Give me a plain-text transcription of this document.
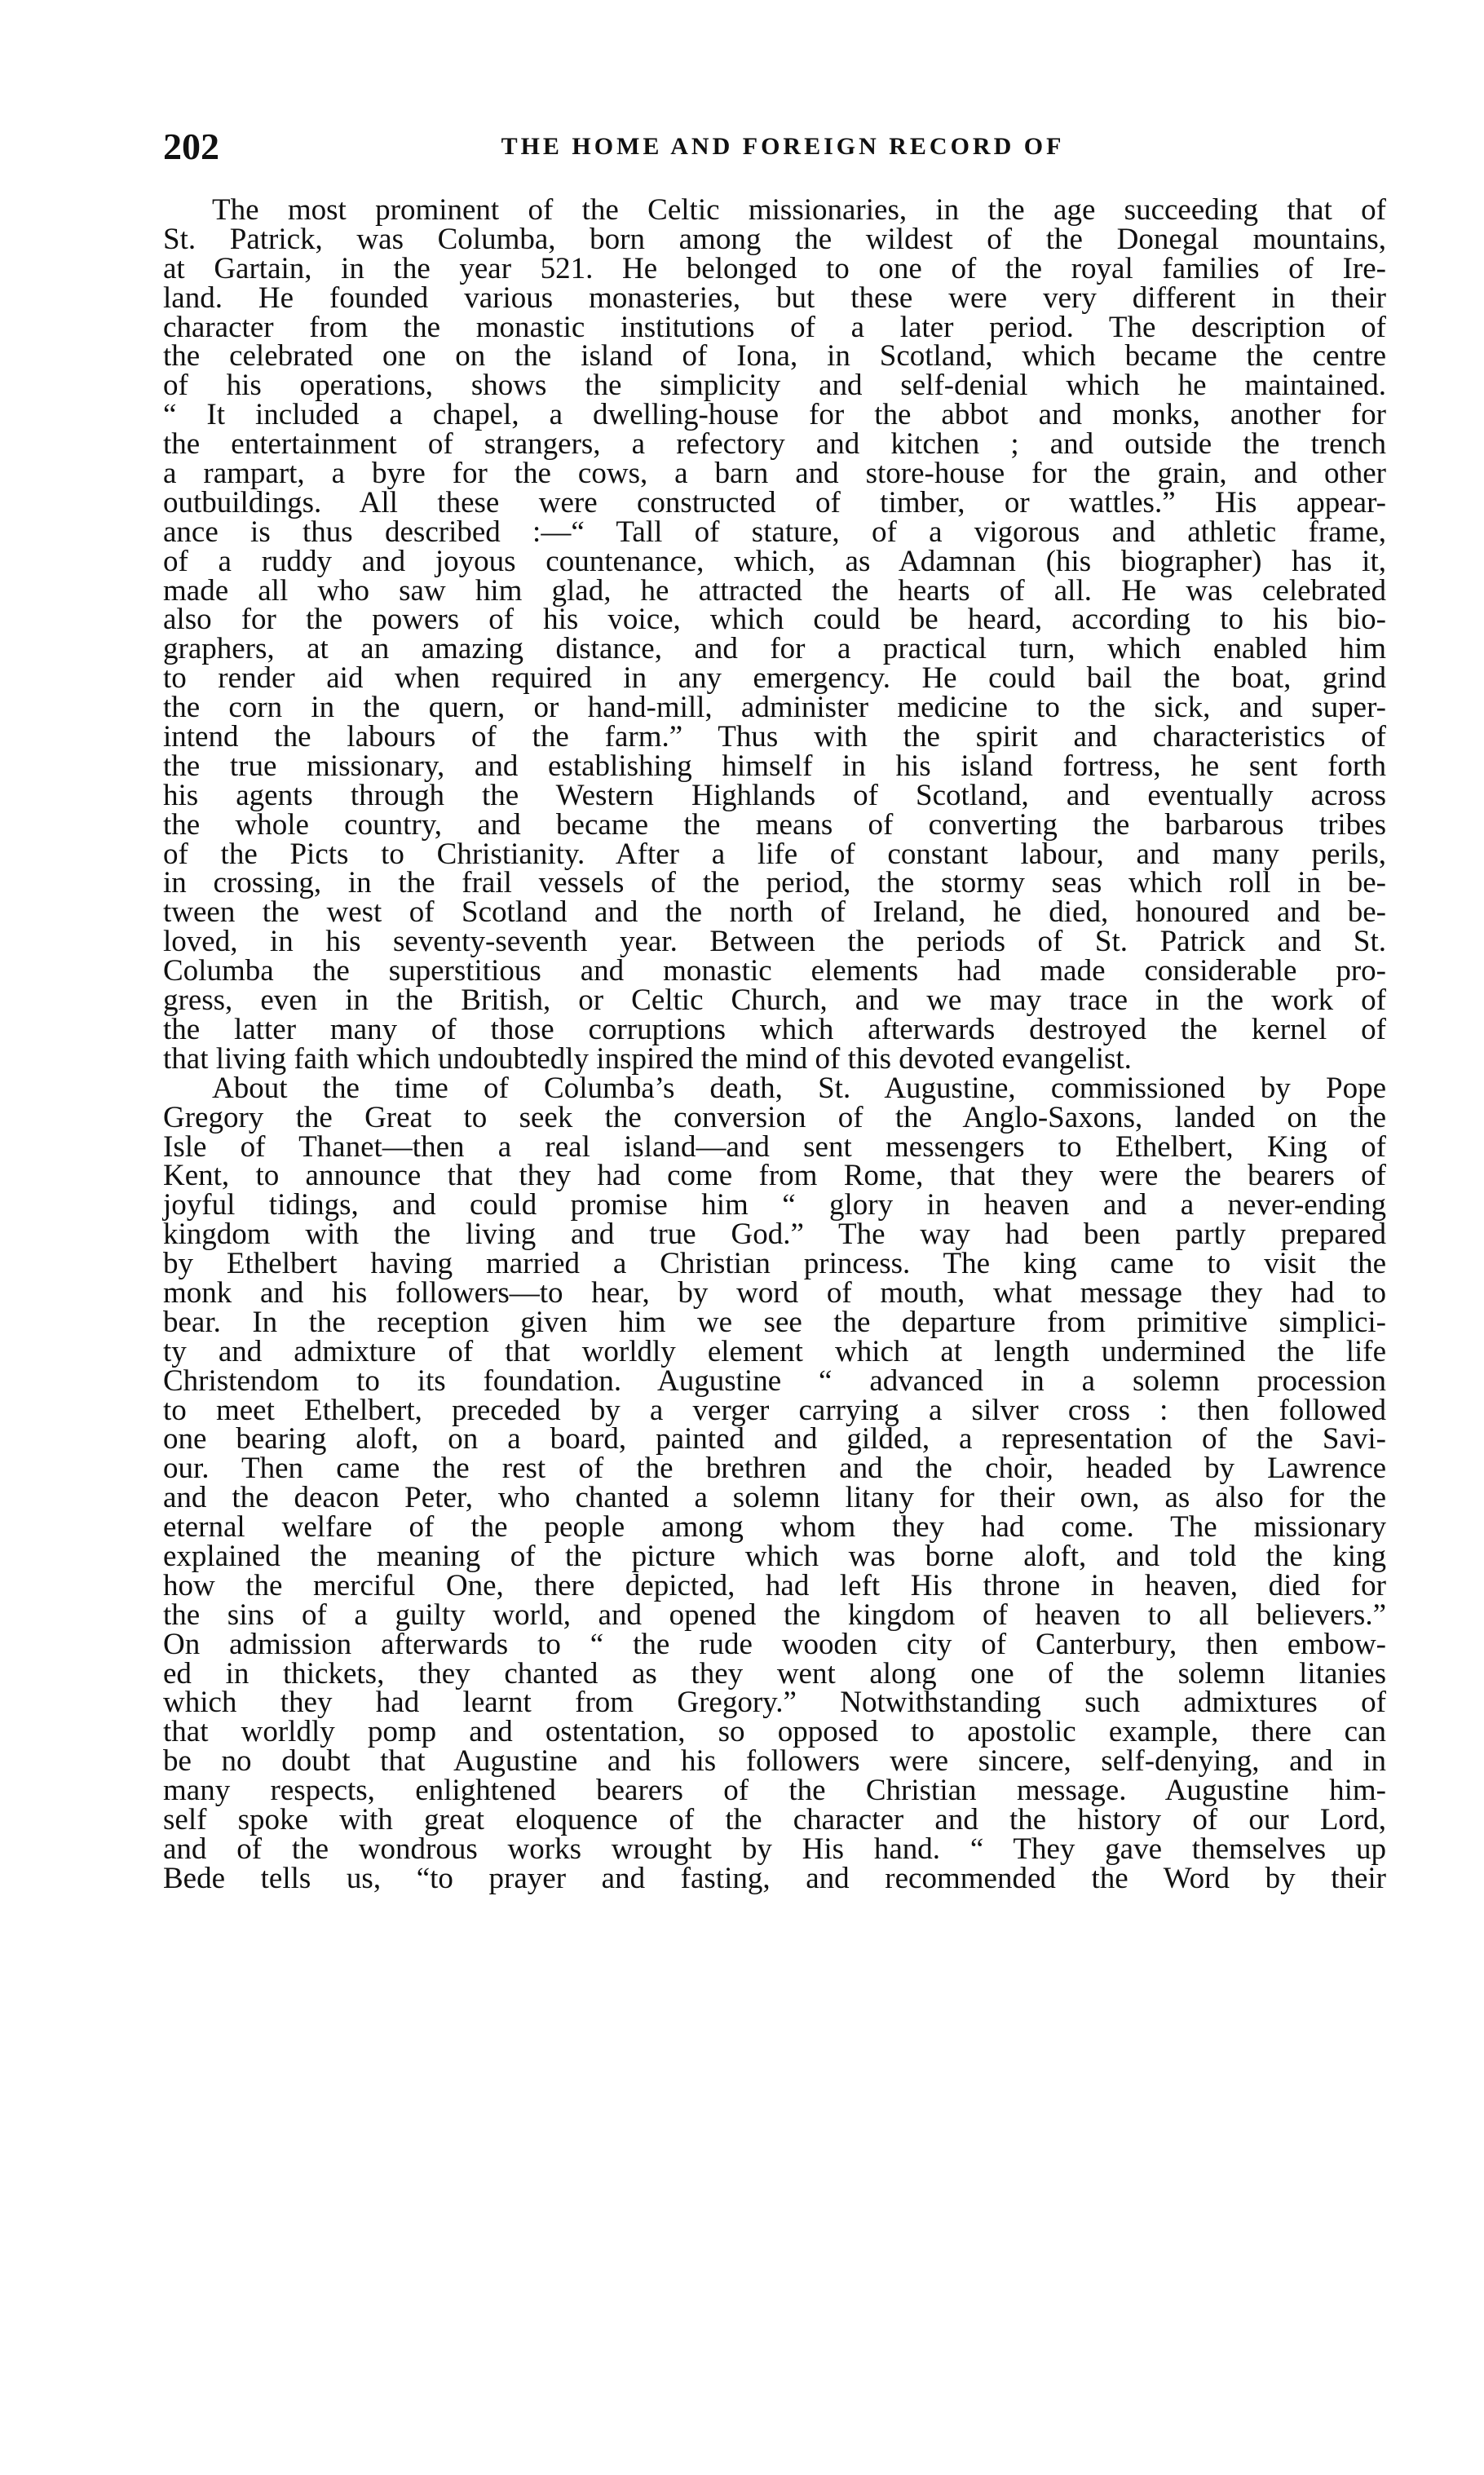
202	THE HOME AND FOREIGN RECORD OF
The most prominent of the Celtic missionaries, in the age succeeding that of
St. Patrick, was Columba, born among the wildest of the Donegal mountains,
at Gartain, in the year 521. He belonged to one of the royal families of Ire-
land. He founded various monasteries, but these were very different in their
character from the monastic institutions of a later period. The description of
the celebrated one on the island of Iona, in Scotland, which became the centre
of his operations, shows the simplicity and self-denial which he maintained.
“ It included a chapel, a dwelling-house for the abbot and monks, another for
the entertainment of strangers, a refectory and kitchen ; and outside the trench
a rampart, a byre for the cows, a barn and store-house for the grain, and other
outbuildings. All these were constructed of timber, or wattles.” His appear-
ance is thus described :—“ Tall of stature, of a vigorous and athletic frame,
of a ruddy and joyous countenance, which, as Adamnan (his biographer) has it,
made all who saw him glad, he attracted the hearts of all. He was celebrated
also for the powers of his voice, which could be heard, according to his bio-
graphers, at an amazing distance, and for a practical turn, which enabled him
to render aid when required in any emergency. He could bail the boat, grind
the corn in the quern, or hand-mill, administer medicine to the sick, and super-
intend the labours of the farm.” Thus with the spirit and characteristics of
the true missionary, and establishing himself in his island fortress, he sent forth
his agents through the Western Highlands of Scotland, and eventually across
the whole country, and became the means of converting the barbarous tribes
of the Picts to Christianity. After a life of constant labour, and many perils,
in crossing, in the frail vessels of the period, the stormy seas which roll in be-
tween the west of Scotland and the north of Ireland, he died, honoured and be-
loved, in his seventy-seventh year. Between the periods of St. Patrick and St.
Columba the superstitious and monastic elements had made considerable pro-
gress, even in the British, or Celtic Church, and we may trace in the work of
the latter many of those corruptions which afterwards destroyed the kernel of
that living faith which undoubtedly inspired the mind of this devoted evangelist.
About the time of Columba’s death, St. Augustine, commissioned by Pope
Gregory the Great to seek the conversion of the Anglo-Saxons, landed on the
Isle of Thanet—then a real island—and sent messengers to Ethelbert, King of
Kent, to announce that they had come from Rome, that they were the bearers of
joyful tidings, and could promise him “ glory in heaven and a never-ending
kingdom with the living and true God.” The way had been partly prepared
by Ethelbert having married a Christian princess. The king came to visit the
monk and his followers—to hear, by word of mouth, what message they had to
bear. In the reception given him we see the departure from primitive simplici-
ty and admixture of that worldly element which at length undermined the life
Christendom to its foundation. Augustine “ advanced in a solemn procession
to meet Ethelbert, preceded by a verger carrying a silver cross : then followed
one bearing aloft, on a board, painted and gilded, a representation of the Savi-
our. Then came the rest of the brethren and the choir, headed by Lawrence
and the deacon Peter, who chanted a solemn litany for their own, as also for the
eternal welfare of the people among whom they had come. The missionary
explained the meaning of the picture which was borne aloft, and told the king
how the merciful One, there depicted, had left His throne in heaven, died for
the sins of a guilty world, and opened the kingdom of heaven to all believers.”
On admission afterwards to “ the rude wooden city of Canterbury, then embow-
ed in thickets, they chanted as they went along one of the solemn litanies
which they had learnt from Gregory.” Notwithstanding such admixtures of
that worldly pomp and ostentation, so opposed to apostolic example, there can
be no doubt that Augustine and his followers were sincere, self-denying, and in
many respects, enlightened bearers of the Christian message. Augustine him-
self spoke with great eloquence of the character and the history of our Lord,
and of the wondrous works wrought by His hand. “ They gave themselves up
Bede tells us, “to prayer and fasting, and recommended the Word by their
